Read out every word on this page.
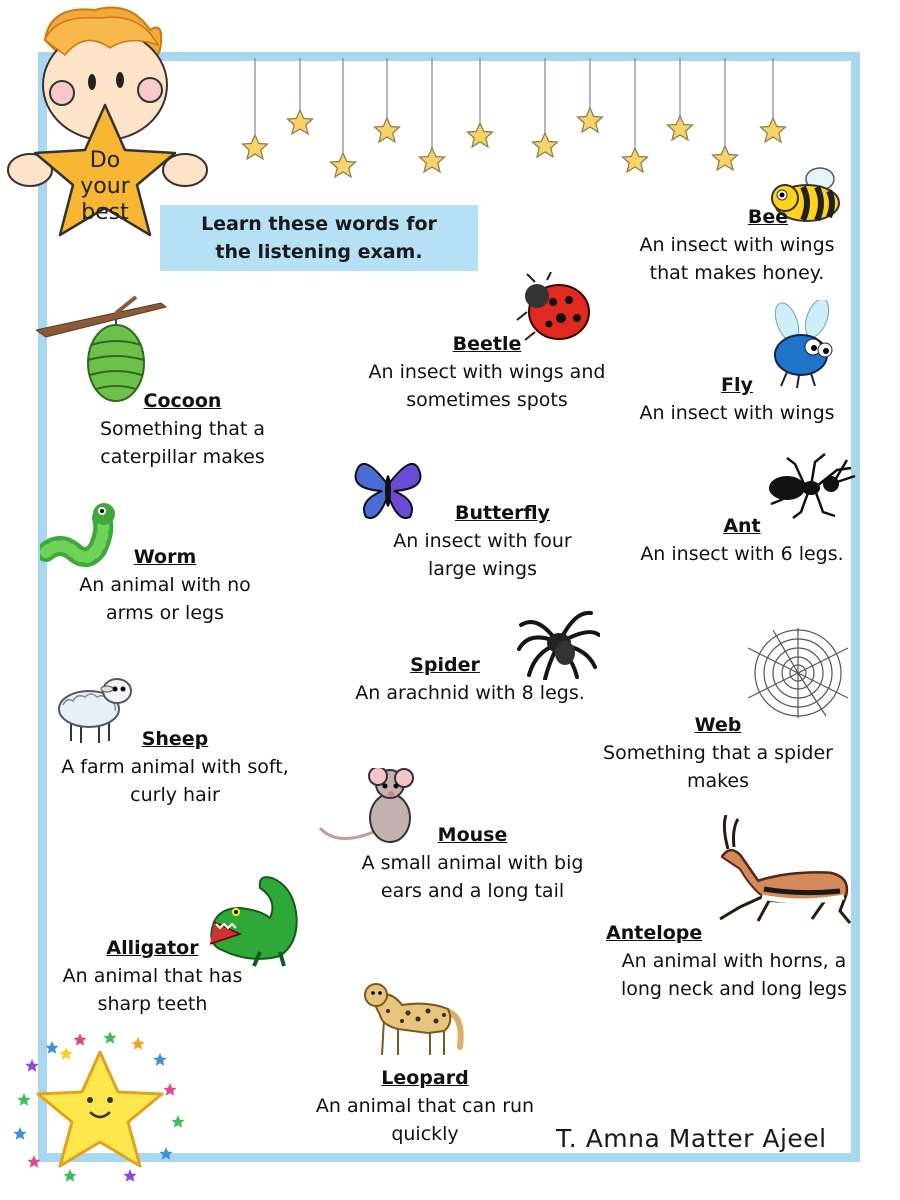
Do
your
best	Learn these words for
the listening exam.
Bee
An insect with wings
that makes honey.
Beetle
An insect with wings and
sometimes spots
Fly
An insect with wings
Cocoon
Something that a
caterpillar makes
Butterfly
An insect with four
large wings
Ant
An insect with 6 legs.
Worm
An animal with no
arms or legs
Spider
An arachnid with 8 legs.
Web
Something that a spider
makes
Sheep
A farm animal with soft,
curly hair
Mouse
A small animal with big
ears and a long tail
Antelope
An animal with horns, a
long neck and long legs
Alligator
An animal that has
sharp teeth
Leopard
An animal that can run
quickly	T. Amna Matter Ajeel
